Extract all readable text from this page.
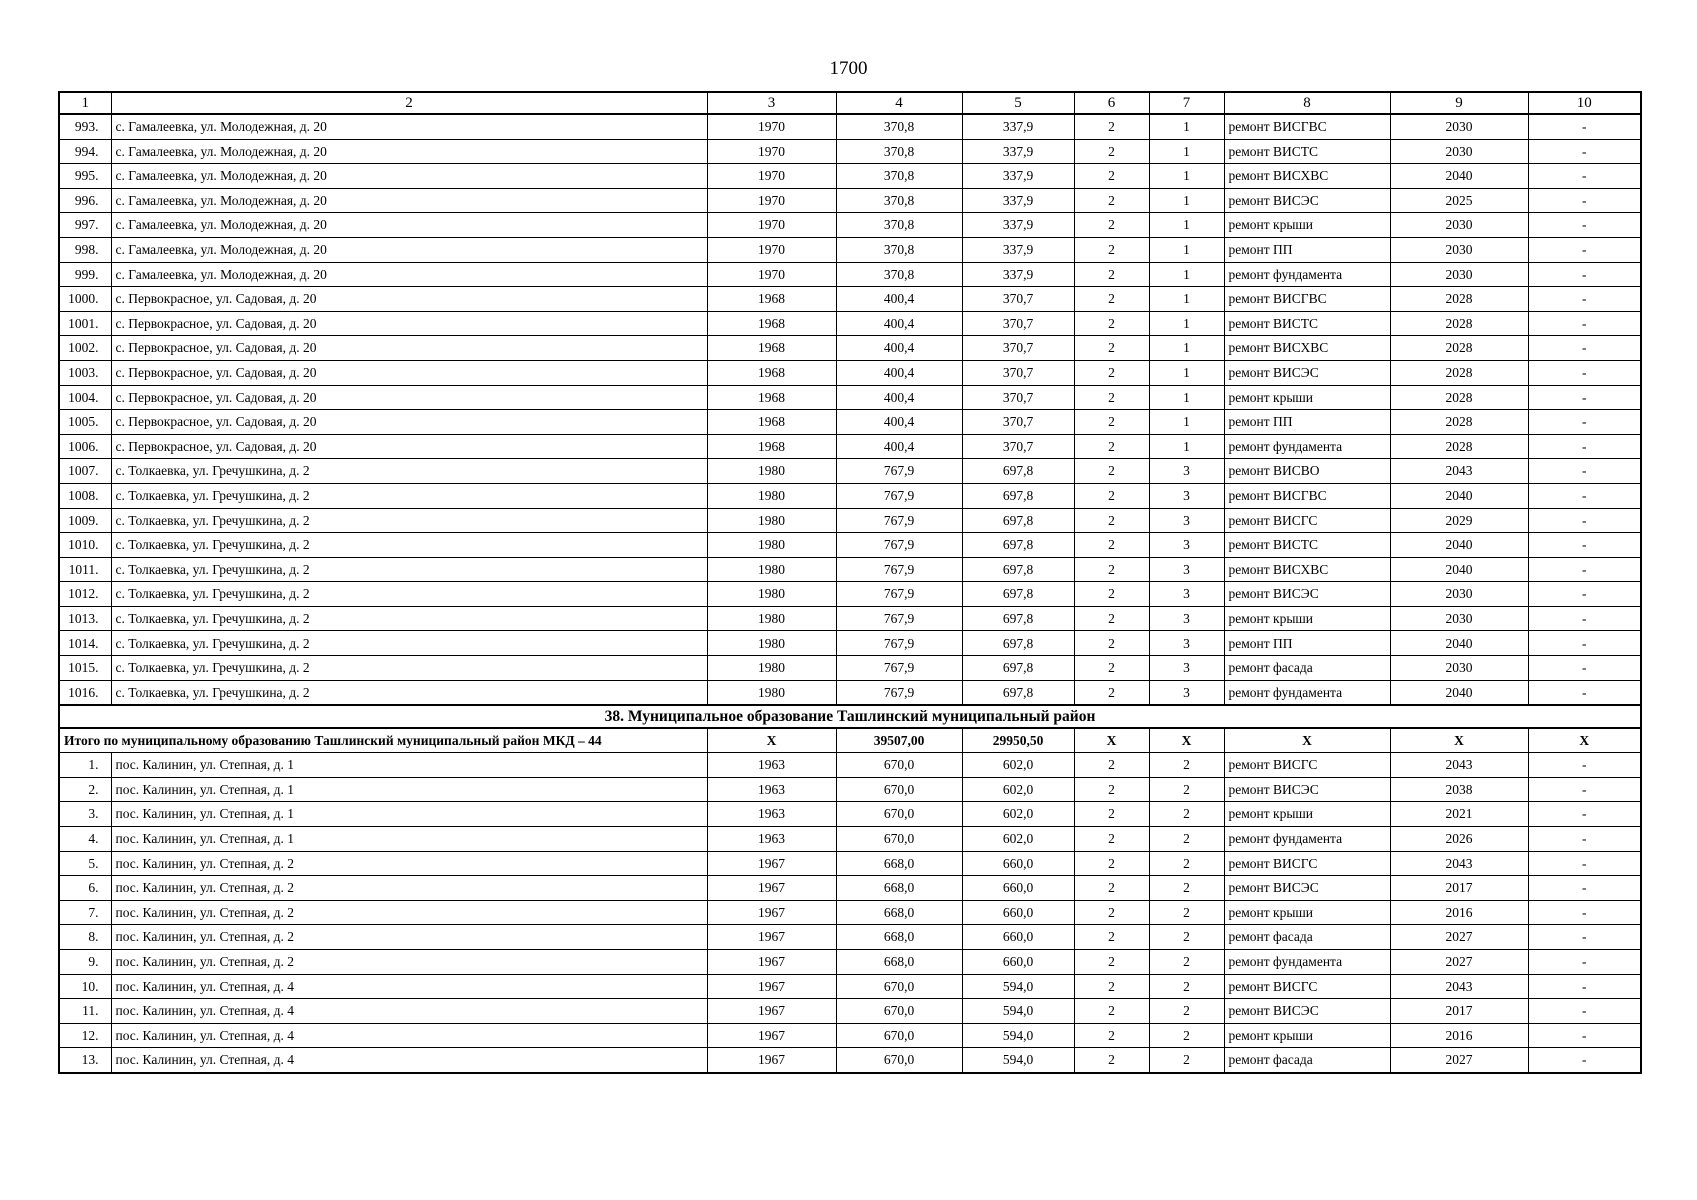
1700
1	2	3	4	5	6	7	8	9	10
993.	с. Гамалеевка, ул. Молодежная, д. 20	1970	370,8	337,9	2	1	ремонт ВИСГВС	2030	-
994.	с. Гамалеевка, ул. Молодежная, д. 20	1970	370,8	337,9	2	1	ремонт ВИСТС	2030	-
995.	с. Гамалеевка, ул. Молодежная, д. 20	1970	370,8	337,9	2	1	ремонт ВИСХВС	2040	-
996.	с. Гамалеевка, ул. Молодежная, д. 20	1970	370,8	337,9	2	1	ремонт ВИСЭС	2025	-
997.	с. Гамалеевка, ул. Молодежная, д. 20	1970	370,8	337,9	2	1	ремонт крыши	2030	-
998.	с. Гамалеевка, ул. Молодежная, д. 20	1970	370,8	337,9	2	1	ремонт ПП	2030	-
999.	с. Гамалеевка, ул. Молодежная, д. 20	1970	370,8	337,9	2	1	ремонт фундамента	2030	-
1000.	с. Первокрасное, ул. Садовая, д. 20	1968	400,4	370,7	2	1	ремонт ВИСГВС	2028	-
1001.	с. Первокрасное, ул. Садовая, д. 20	1968	400,4	370,7	2	1	ремонт ВИСТС	2028	-
1002.	с. Первокрасное, ул. Садовая, д. 20	1968	400,4	370,7	2	1	ремонт ВИСХВС	2028	-
1003.	с. Первокрасное, ул. Садовая, д. 20	1968	400,4	370,7	2	1	ремонт ВИСЭС	2028	-
1004.	с. Первокрасное, ул. Садовая, д. 20	1968	400,4	370,7	2	1	ремонт крыши	2028	-
1005.	с. Первокрасное, ул. Садовая, д. 20	1968	400,4	370,7	2	1	ремонт ПП	2028	-
1006.	с. Первокрасное, ул. Садовая, д. 20	1968	400,4	370,7	2	1	ремонт фундамента	2028	-
1007.	с. Толкаевка, ул. Гречушкина, д. 2	1980	767,9	697,8	2	3	ремонт ВИСВО	2043	-
1008.	с. Толкаевка, ул. Гречушкина, д. 2	1980	767,9	697,8	2	3	ремонт ВИСГВС	2040	-
1009.	с. Толкаевка, ул. Гречушкина, д. 2	1980	767,9	697,8	2	3	ремонт ВИСГС	2029	-
1010.	с. Толкаевка, ул. Гречушкина, д. 2	1980	767,9	697,8	2	3	ремонт ВИСТС	2040	-
1011.	с. Толкаевка, ул. Гречушкина, д. 2	1980	767,9	697,8	2	3	ремонт ВИСХВС	2040	-
1012.	с. Толкаевка, ул. Гречушкина, д. 2	1980	767,9	697,8	2	3	ремонт ВИСЭС	2030	-
1013.	с. Толкаевка, ул. Гречушкина, д. 2	1980	767,9	697,8	2	3	ремонт крыши	2030	-
1014.	с. Толкаевка, ул. Гречушкина, д. 2	1980	767,9	697,8	2	3	ремонт ПП	2040	-
1015.	с. Толкаевка, ул. Гречушкина, д. 2	1980	767,9	697,8	2	3	ремонт фасада	2030	-
1016.	с. Толкаевка, ул. Гречушкина, д. 2	1980	767,9	697,8	2	3	ремонт фундамента	2040	-
38. Муниципальное образование Ташлинский муниципальный район									
Итого по муниципальному образованию Ташлинский муниципальный район МКД – 44		Х	39507,00	29950,50	Х	Х	Х	Х	Х
1.	пос. Калинин, ул. Степная, д. 1	1963	670,0	602,0	2	2	ремонт ВИСГС	2043	-
2.	пос. Калинин, ул. Степная, д. 1	1963	670,0	602,0	2	2	ремонт ВИСЭС	2038	-
3.	пос. Калинин, ул. Степная, д. 1	1963	670,0	602,0	2	2	ремонт крыши	2021	-
4.	пос. Калинин, ул. Степная, д. 1	1963	670,0	602,0	2	2	ремонт фундамента	2026	-
5.	пос. Калинин, ул. Степная, д. 2	1967	668,0	660,0	2	2	ремонт ВИСГС	2043	-
6.	пос. Калинин, ул. Степная, д. 2	1967	668,0	660,0	2	2	ремонт ВИСЭС	2017	-
7.	пос. Калинин, ул. Степная, д. 2	1967	668,0	660,0	2	2	ремонт крыши	2016	-
8.	пос. Калинин, ул. Степная, д. 2	1967	668,0	660,0	2	2	ремонт фасада	2027	-
9.	пос. Калинин, ул. Степная, д. 2	1967	668,0	660,0	2	2	ремонт фундамента	2027	-
10.	пос. Калинин, ул. Степная, д. 4	1967	670,0	594,0	2	2	ремонт ВИСГС	2043	-
11.	пос. Калинин, ул. Степная, д. 4	1967	670,0	594,0	2	2	ремонт ВИСЭС	2017	-
12.	пос. Калинин, ул. Степная, д. 4	1967	670,0	594,0	2	2	ремонт крыши	2016	-
13.	пос. Калинин, ул. Степная, д. 4	1967	670,0	594,0	2	2	ремонт фасада	2027	-
